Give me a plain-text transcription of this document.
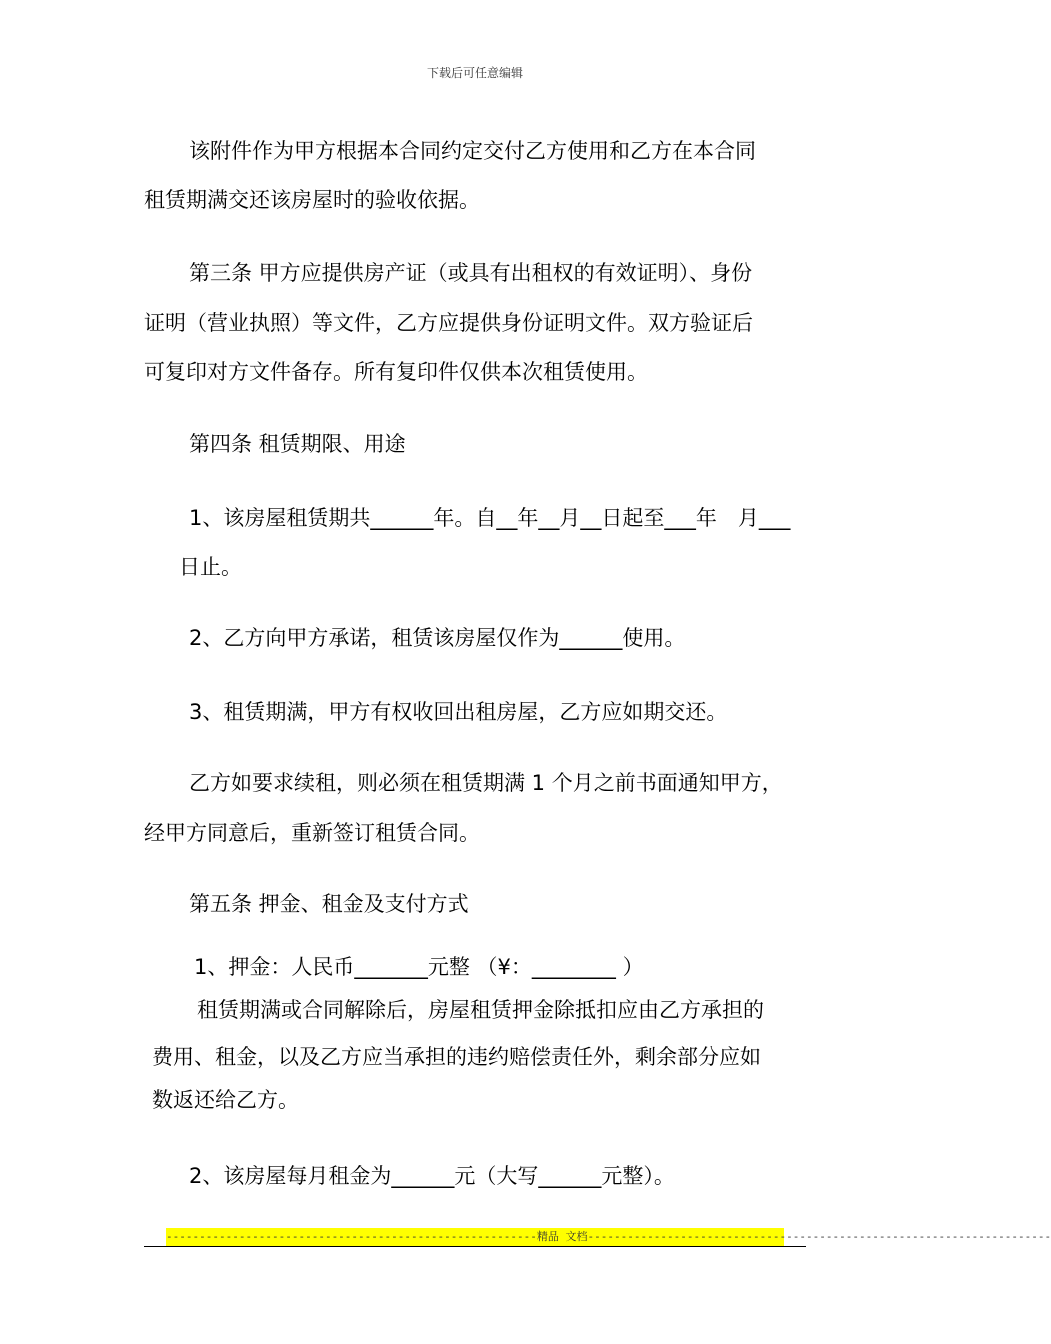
下载后可任意编辑
该附件作为甲方根据本合同约定交付乙方使用和乙方在本合同
租赁期满交还该房屋时的验收依据。
第三条 甲方应提供房产证（或具有出租权的有效证明）、身份
证明（营业执照）等文件，乙方应提供身份证明文件。双方验证后
可复印对方文件备存。所有复印件仅供本次租赁使用。
第四条 租赁期限、用途
1、该房屋租赁期共______年。自__年__月__日起至___年　月___
日止。
2、乙方向甲方承诺，租赁该房屋仅作为______使用。
3、租赁期满，甲方有权收回出租房屋，乙方应如期交还。
乙方如要求续租，则必须在租赁期满 1 个月之前书面通知甲方，
经甲方同意后，重新签订租赁合同。
第五条 押金、租金及支付方式
1、押金：人民币_______元整 （¥：________ ）
租赁期满或合同解除后，房屋租赁押金除抵扣应由乙方承担的
费用、租金，以及乙方应当承担的违约赔偿责任外，剩余部分应如
数返还给乙方。
2、该房屋每月租金为______元（大写______元整）。
--------------------------------------------------------精品 文档----------------------------------------------------------------------
